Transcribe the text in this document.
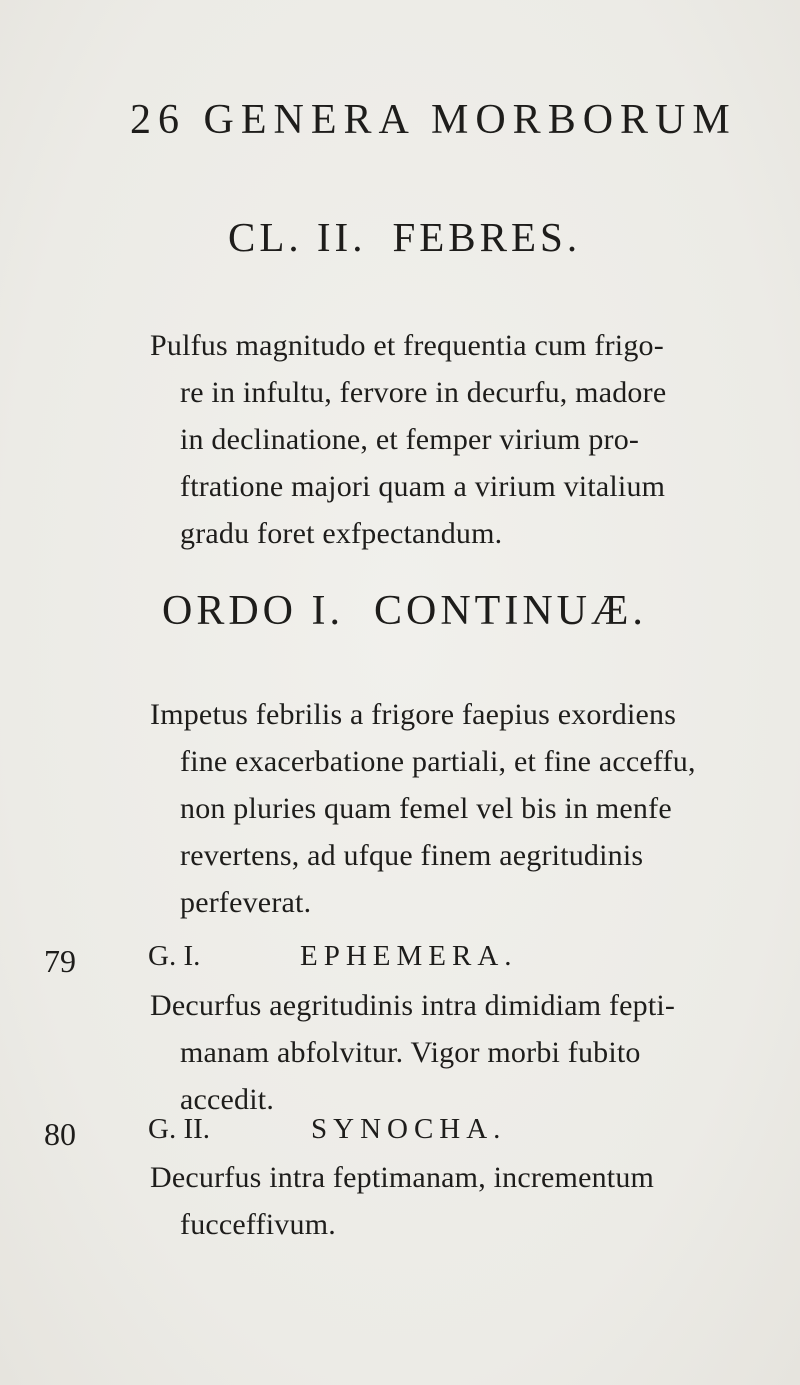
26 GENERA MORBORUM
CL. II. FEBRES.
Pulfus magnitudo et frequentia cum frigo-
re in infultu, fervore in decurfu, madore
in declinatione, et femper virium pro-
ftratione majori quam a virium vitalium
gradu foret exfpectandum.
ORDO I. CONTINUÆ.
Impetus febrilis a frigore faepius exordiens
fine exacerbatione partiali, et fine acceffu,
non pluries quam femel vel bis in menfe
revertens, ad ufque finem aegritudinis
perfeverat.
79 G. I.	EPHEMERA.
Decurfus aegritudinis intra dimidiam fepti-
manam abfolvitur. Vigor morbi fubito
accedit.
80 G. II.	SYNOCHA.
Decurfus intra feptimanam, incrementum
fucceffivum.
